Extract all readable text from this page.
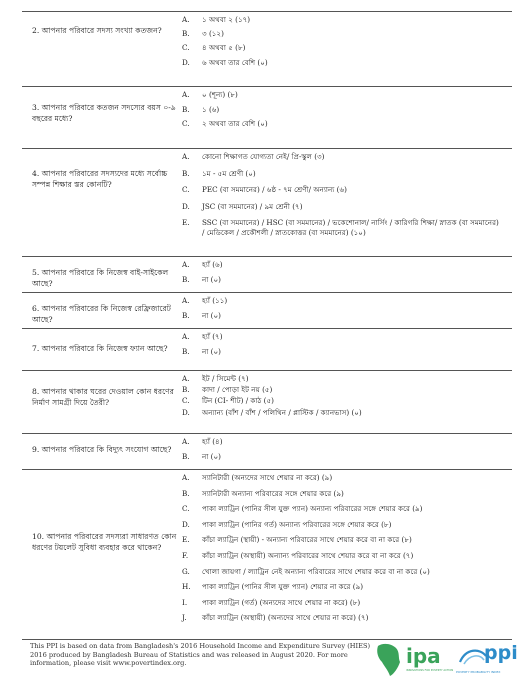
2. আপনার পরিবারে সদস্য সংখ্যা কতজন?
A.	১ অথবা ২ (১৭)
B.	৩ (১২)
C.	৪ অথবা ৫ (৮)
D.	৬ অথবা তার বেশি (০)
3. আপনার পরিবারে কতজন সদস্যের বয়স ০-৯ বছরের মধ্যে?
A.	০ (শূন্য) (৮)
B.	১ (৬)
C.	২ অথবা তার বেশি (০)
4. আপনার পরিবারের সদস্যদের মধ্যে সর্বোচ্চ সম্পন্ন শিক্ষার স্তর কোনটি?
A.	কোনো শিক্ষাগত যোগ্যতা নেই/ প্রি-স্কুল (৩)
B.	১ম - ৫ম শ্রেণী (০)
C.	PEC (বা সমমানের) / ৬ষ্ঠ - ৭ম শ্রেণী/ অন্যান্য (৬)
D.	JSC (বা সমমানের) / ৯ম শ্রেনী (৭)
E.	SSC (বা সমমানের) / HSC (বা সমমানের) / ভকেশোনাল/ নার্সিং / কারিগরি শিক্ষা/ স্নাতক (বা সমমানের) / মেডিকেল / প্রকৌশলী / স্নাতকোত্তর (বা সমমানের) (১০)
5. আপনার পরিবারে কি নিজেস্ব বাই-সাইকেল আছে?
A.	হ্যাঁ (৬)
B.	না (০)
6. আপনার পরিবারের কি নিজেস্ব রেফ্রিজারেট আছে?
A.	হ্যাঁ (১১)
B.	না (০)
7. আপনার পরিবারে কি নিজেস্ব ফ্যান আছে?
A.	হ্যাঁ (৭)
B.	না (০)
8. আপনার থাকার ঘরের দেওয়াল কোন ধরণের নির্মাণ সামগ্রী দিয়ে তৈরী?
A.	ইট / সিমেন্ট (৭)
B.	কাদা / পোড়া ইট নয় (৫)
C.	টিন (CI- শীট) / কাঠ (৫)
D.	অন্যান্য (বাঁশ / বাঁশ / পলিথিন / প্লাস্টিক / ক্যানভাস) (০)
9. আপনার পরিবারে কি বিদ্যুৎ সংযোগ আছে?
A.	হ্যাঁ (৪)
B.	না (০)
10. আপনার পরিবারের সদস্যরা সাধারণত কোন ধরণের টয়লেট সুবিধা ব্যবহার করে থাকেন?
A.	স্যানিটারী (অন্যদের সাথে শেয়ার না করে) (৯)
B.	স্যানিটারী অন্যান্য পরিবারের সঙ্গে শেয়ার করে (৯)
C.	পাকা ল্যাট্রিন (পানির সীল যুক্ত প্যান) অন্যান্য পরিবারের সঙ্গে শেয়ার করে (৯)
D.	পাকা ল্যাট্রিন (পানির গর্ত) অন্যান্য পরিবারের সঙ্গে শেয়ার করে (৮)
E.	কাঁচা ল্যাট্রিন (স্থায়ী) - অন্যান্য পরিবারের সাথে শেয়ার করে বা না করে (৮)
F.	কাঁচা ল্যাট্রিন (অস্থায়ী) অন্যান্য পরিবারের সাথে শেয়ার করে বা না করে (৭)
G.	খোলা জায়গা / ল্যাট্রিন নেই অন্যান্য পরিবারের সাথে শেয়ার করে বা না করে (০)
H.	পাকা ল্যাট্রিন (পানির সীল যুক্ত প্যান) শেয়ার না করে (৯)
I.	পাকা ল্যাট্রিন (গর্ত) (অন্যদের সাথে শেয়ার না করে) (৮)
J.	কাঁচা ল্যাট্রিন (অস্থায়ী) (অন্যদের সাথে শেয়ার না করে) (৭)
This PPI is based on data from Bangladesh's 2016 Household Income and Expenditure Survey (HIES) 2016 produced by Bangladesh Bureau of Statistics and was released in August 2020. For more information, please visit www.povertindex.org.	ipa
INNOVATIONS FOR POVERTY ACTION
ppi
POVERTY PROBABILITY INDEX
